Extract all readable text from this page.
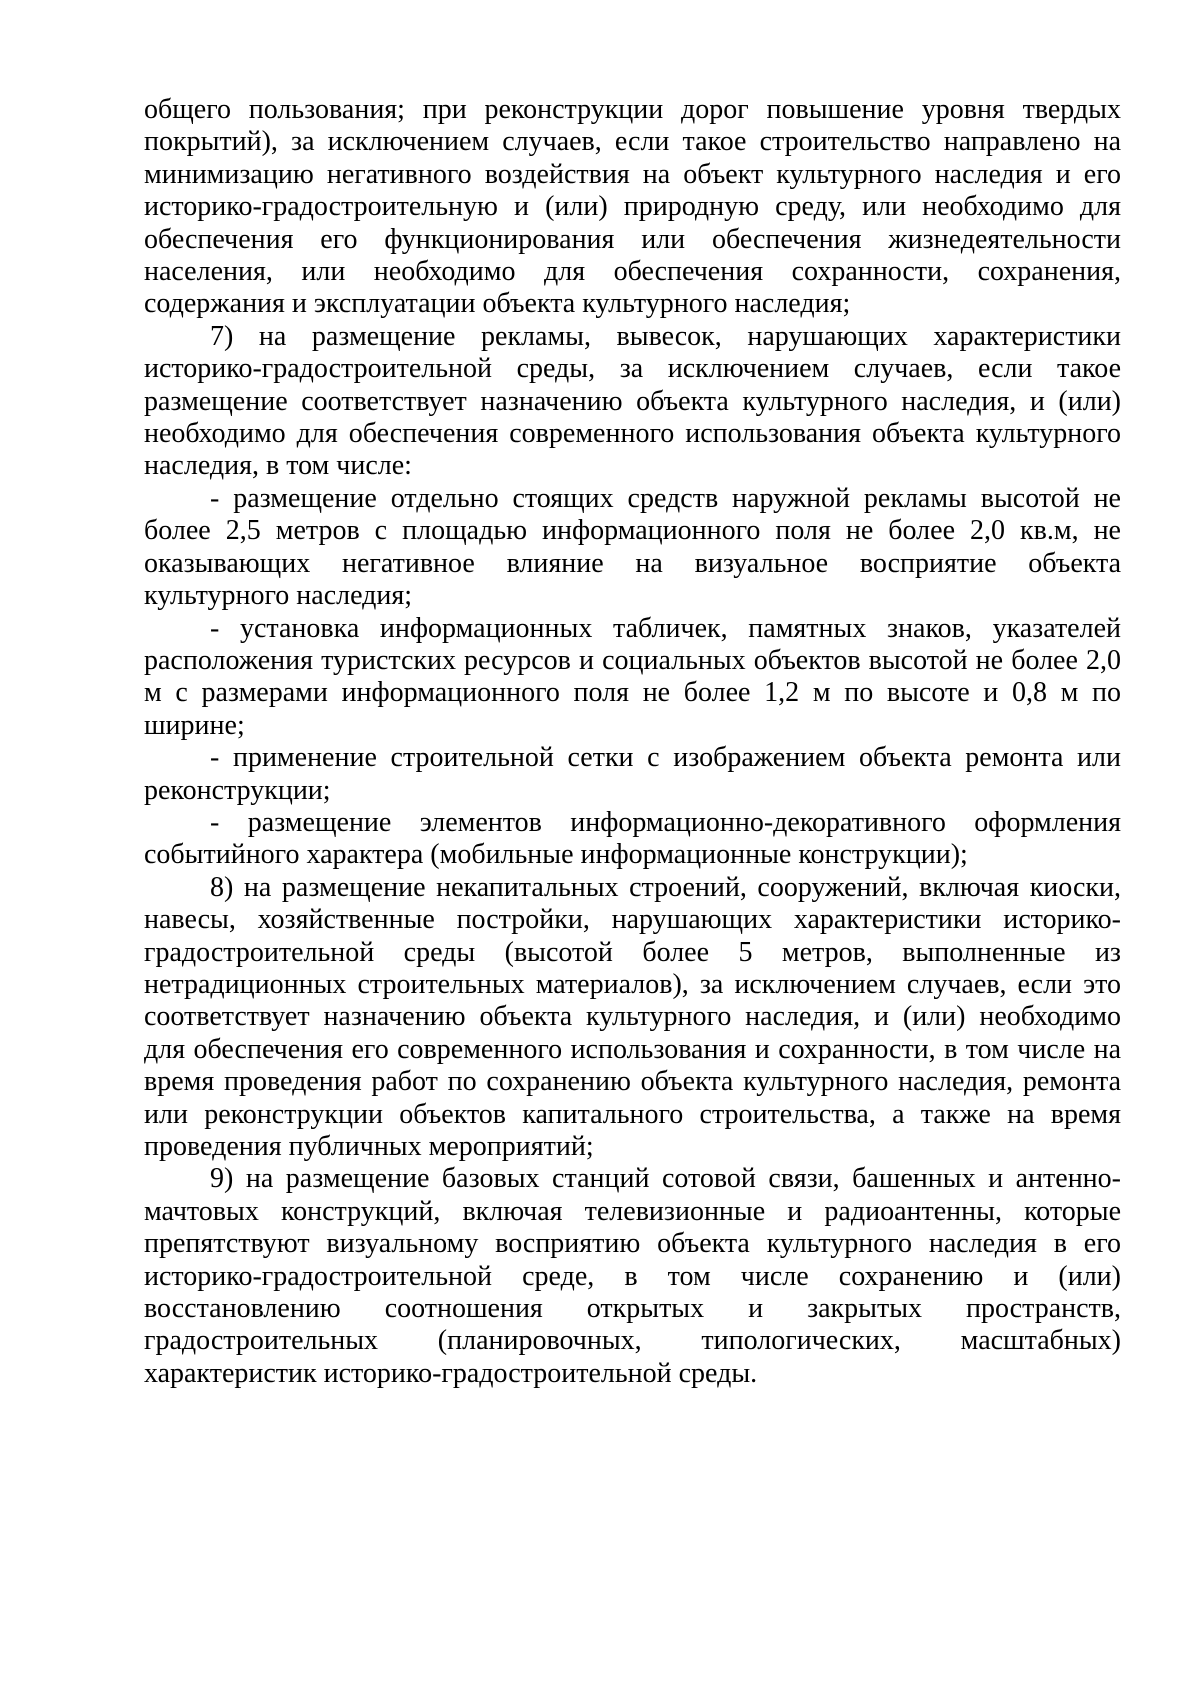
общего пользования; при реконструкции дорог повышение уровня твердых покрытий), за исключением случаев, если такое строительство направлено на минимизацию негативного воздействия на объект культурного наследия и его историко-градостроительную и (или) природную среду, или необходимо для обеспечения его функционирования или обеспечения жизнедеятельности населения, или необходимо для обеспечения сохранности, сохранения, содержания и эксплуатации объекта культурного наследия;

7) на размещение рекламы, вывесок, нарушающих характеристики историко-градостроительной среды, за исключением случаев, если такое размещение соответствует назначению объекта культурного наследия, и (или) необходимо для обеспечения современного использования объекта культурного наследия, в том числе:

- размещение отдельно стоящих средств наружной рекламы высотой не более 2,5 метров с площадью информационного поля не более 2,0 кв.м, не оказывающих негативное влияние на визуальное восприятие объекта культурного наследия;

- установка информационных табличек, памятных знаков, указателей расположения туристских ресурсов и социальных объектов высотой не более 2,0 м с размерами информационного поля не более 1,2 м по высоте и 0,8 м по ширине;

- применение строительной сетки с изображением объекта ремонта или реконструкции;

- размещение элементов информационно-декоративного оформления событийного характера (мобильные информационные конструкции);

8) на размещение некапитальных строений, сооружений, включая киоски, навесы, хозяйственные постройки, нарушающих характеристики историко-градостроительной среды (высотой более 5 метров, выполненные из нетрадиционных строительных материалов), за исключением случаев, если это соответствует назначению объекта культурного наследия, и (или) необходимо для обеспечения его современного использования и сохранности, в том числе на время проведения работ по сохранению объекта культурного наследия, ремонта или реконструкции объектов капитального строительства, а также на время проведения публичных мероприятий;

9) на размещение базовых станций сотовой связи, башенных и антенно-мачтовых конструкций, включая телевизионные и радиоантенны, которые препятствуют визуальному восприятию объекта культурного наследия в его историко-градостроительной среде, в том числе сохранению и (или) восстановлению соотношения открытых и закрытых пространств, градостроительных (планировочных, типологических, масштабных) характеристик историко-градостроительной среды.
